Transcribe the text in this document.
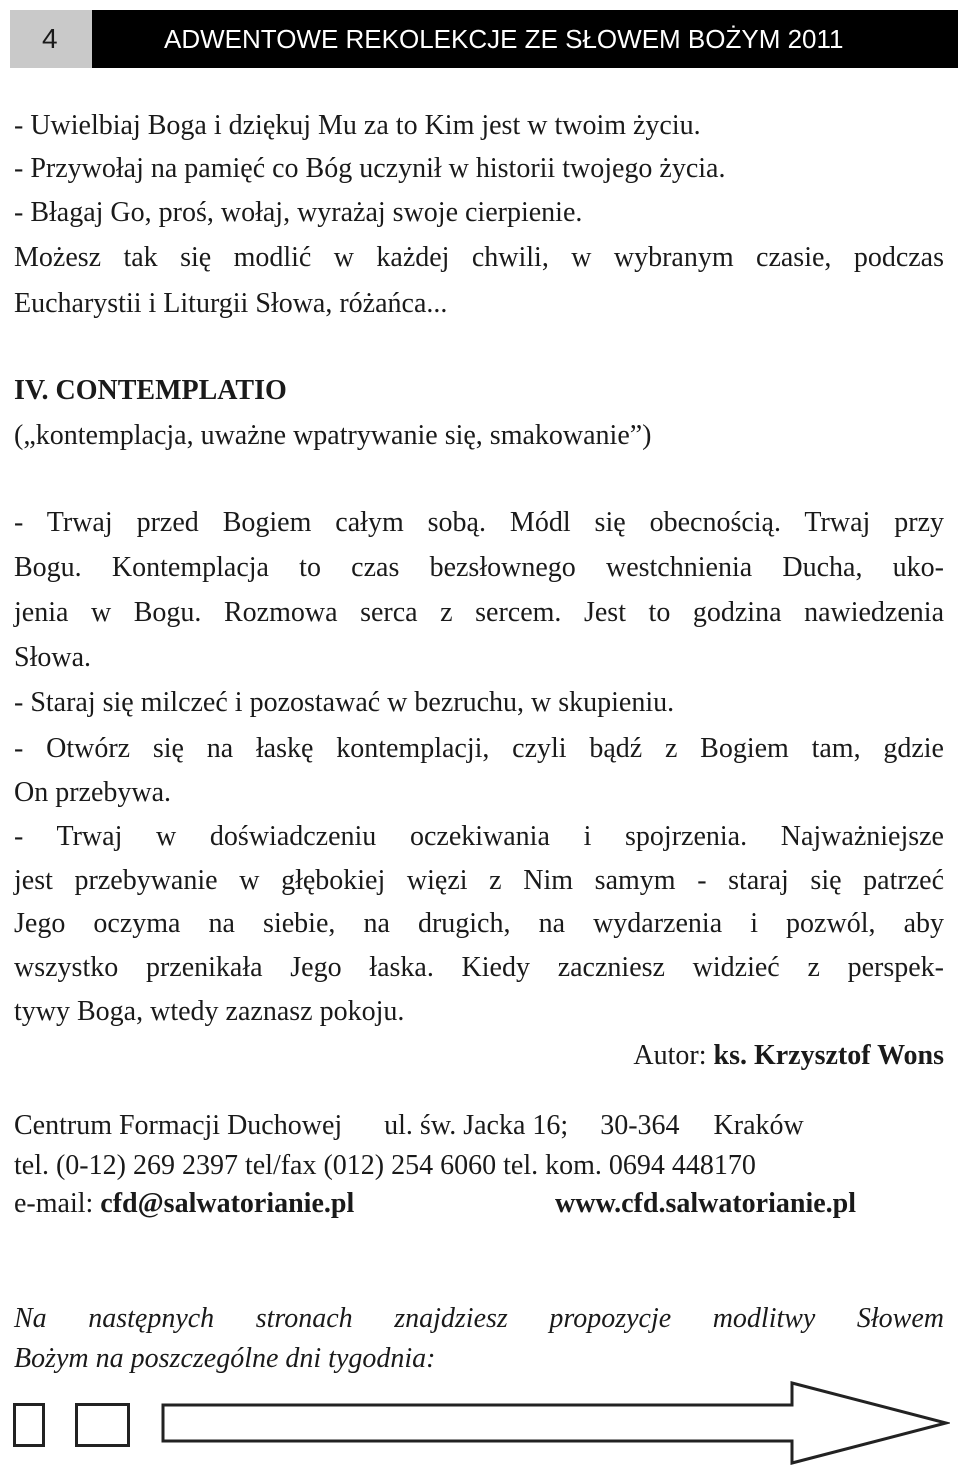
4	ADWENTOWE REKOLEKCJE ZE SŁOWEM BOŻYM 2011
- Uwielbiaj Boga i dziękuj Mu za to Kim jest w twoim życiu.
- Przywołaj na pamięć co Bóg uczynił w historii twojego życia.
- Błagaj Go, proś, wołaj, wyrażaj swoje cierpienie.
Możesz tak się modlić w każdej chwili, w wybranym czasie, podczas
Eucharystii i Liturgii Słowa, różańca...
IV. CONTEMPLATIO
(„kontemplacja, uważne wpatrywanie się, smakowanie”)
- Trwaj przed Bogiem całym sobą. Módl się obecnością. Trwaj przy
Bogu. Kontemplacja to czas bezsłownego westchnienia Ducha, uko-
jenia w Bogu. Rozmowa serca z sercem. Jest to godzina nawiedzenia
Słowa.
- Staraj się milczeć i pozostawać w bezruchu, w skupieniu.
- Otwórz się na łaskę kontemplacji, czyli bądź z Bogiem tam, gdzie
On przebywa.
- Trwaj w doświadczeniu oczekiwania i spojrzenia. Najważniejsze
jest przebywanie w głębokiej więzi z Nim samym - staraj się patrzeć
Jego oczyma na siebie, na drugich, na wydarzenia i pozwól, aby
wszystko przenikała Jego łaska. Kiedy zaczniesz widzieć z perspek-
tywy Boga, wtedy zaznasz pokoju.
Autor: ks. Krzysztof Wons
Centrum Formacji Duchowej ul. św. Jacka 16; 30-364 Kraków
tel. (0-12) 269 2397 tel/fax (012) 254 6060 tel. kom. 0694 448170
e-mail: cfd@salwatorianie.pl	www.cfd.salwatorianie.pl
Na następnych stronach znajdziesz propozycje modlitwy Słowem
Bożym na poszczególne dni tygodnia:
